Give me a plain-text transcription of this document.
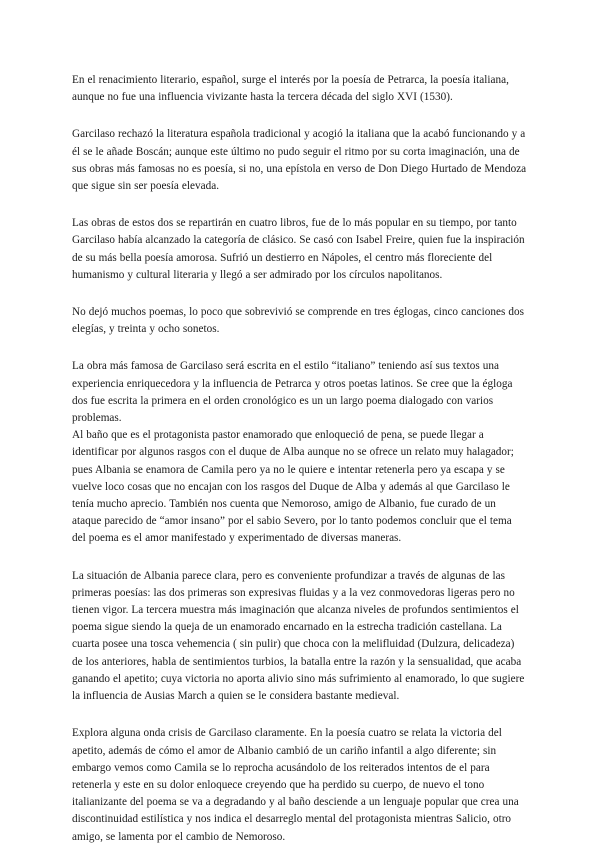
En el renacimiento literario, español, surge el interés por la poesía de Petrarca, la poesía italiana, aunque no fue una influencia vivizante hasta la tercera década del siglo XVI (1530).

Garcilaso rechazó la literatura española tradicional y acogió la italiana que la acabó funcionando y a él se le añade Boscán; aunque este último no pudo seguir el ritmo por su corta imaginación, una de sus obras más famosas no es poesía, si no, una epístola en verso de Don Diego Hurtado de Mendoza que sigue sin ser poesía elevada.

Las obras de estos dos se repartirán en cuatro libros, fue de lo más popular en su tiempo, por tanto Garcilaso había alcanzado la categoría de clásico. Se casó con Isabel Freire, quien fue la inspiración de su más bella poesía amorosa. Sufrió un destierro en Nápoles, el centro más floreciente del humanismo y cultural literaria y llegó a ser admirado por los círculos napolitanos.

No dejó muchos poemas, lo poco que sobrevivió se comprende en tres églogas, cinco canciones dos elegías, y treinta y ocho sonetos.

La obra más famosa de Garcilaso será escrita en el estilo “italiano” teniendo así sus textos una experiencia enriquecedora y la influencia de Petrarca y otros poetas latinos. Se cree que la égloga dos fue escrita la primera en el orden cronológico es un un largo poema dialogado con varios problemas.

Al baño que es el protagonista pastor enamorado que enloqueció de pena, se puede llegar a identificar por algunos rasgos con el duque de Alba aunque no se ofrece un relato muy halagador; pues Albania se enamora de Camila pero ya no le quiere e intentar retenerla pero ya escapa y se vuelve loco cosas que no encajan con los rasgos del Duque de Alba y además al que Garcilaso le tenía mucho aprecio. También nos cuenta que Nemoroso, amigo de Albanio, fue curado de un ataque parecido de “amor insano” por el sabio Severo, por lo tanto podemos concluir que el tema del poema es el amor manifestado y experimentado de diversas maneras.

La situación de Albania parece clara, pero es conveniente profundizar a través de algunas de las primeras poesías: las dos primeras son expresivas fluidas y a la vez conmovedoras ligeras pero no tienen vigor. La tercera muestra más imaginación que alcanza niveles de profundos sentimientos el poema sigue siendo la queja de un enamorado encarnado en la estrecha tradición castellana. La cuarta posee una tosca vehemencia ( sin pulir) que choca con la melifluidad (Dulzura, delicadeza) de los anteriores, habla de sentimientos turbios, la batalla entre la razón y la sensualidad, que acaba ganando el apetito; cuya victoria no aporta alivio sino más sufrimiento al enamorado, lo que sugiere la influencia de Ausias March a quien se le considera bastante medieval.

Explora alguna onda crisis de Garcilaso claramente. En la poesía cuatro se relata la victoria del apetito, además de cómo el amor de Albanio cambió de un cariño infantil a algo diferente; sin embargo vemos como Camila se lo reprocha acusándolo de los reiterados intentos de el para retenerla y este en su dolor enloquece creyendo que ha perdido su cuerpo, de nuevo el tono italianizante del poema se va a degradando y al baño desciende a un lenguaje popular que crea una discontinuidad estilística y nos indica el desarreglo mental del protagonista mientras Salicio, otro amigo, se lamenta por el cambio de Nemoroso.
